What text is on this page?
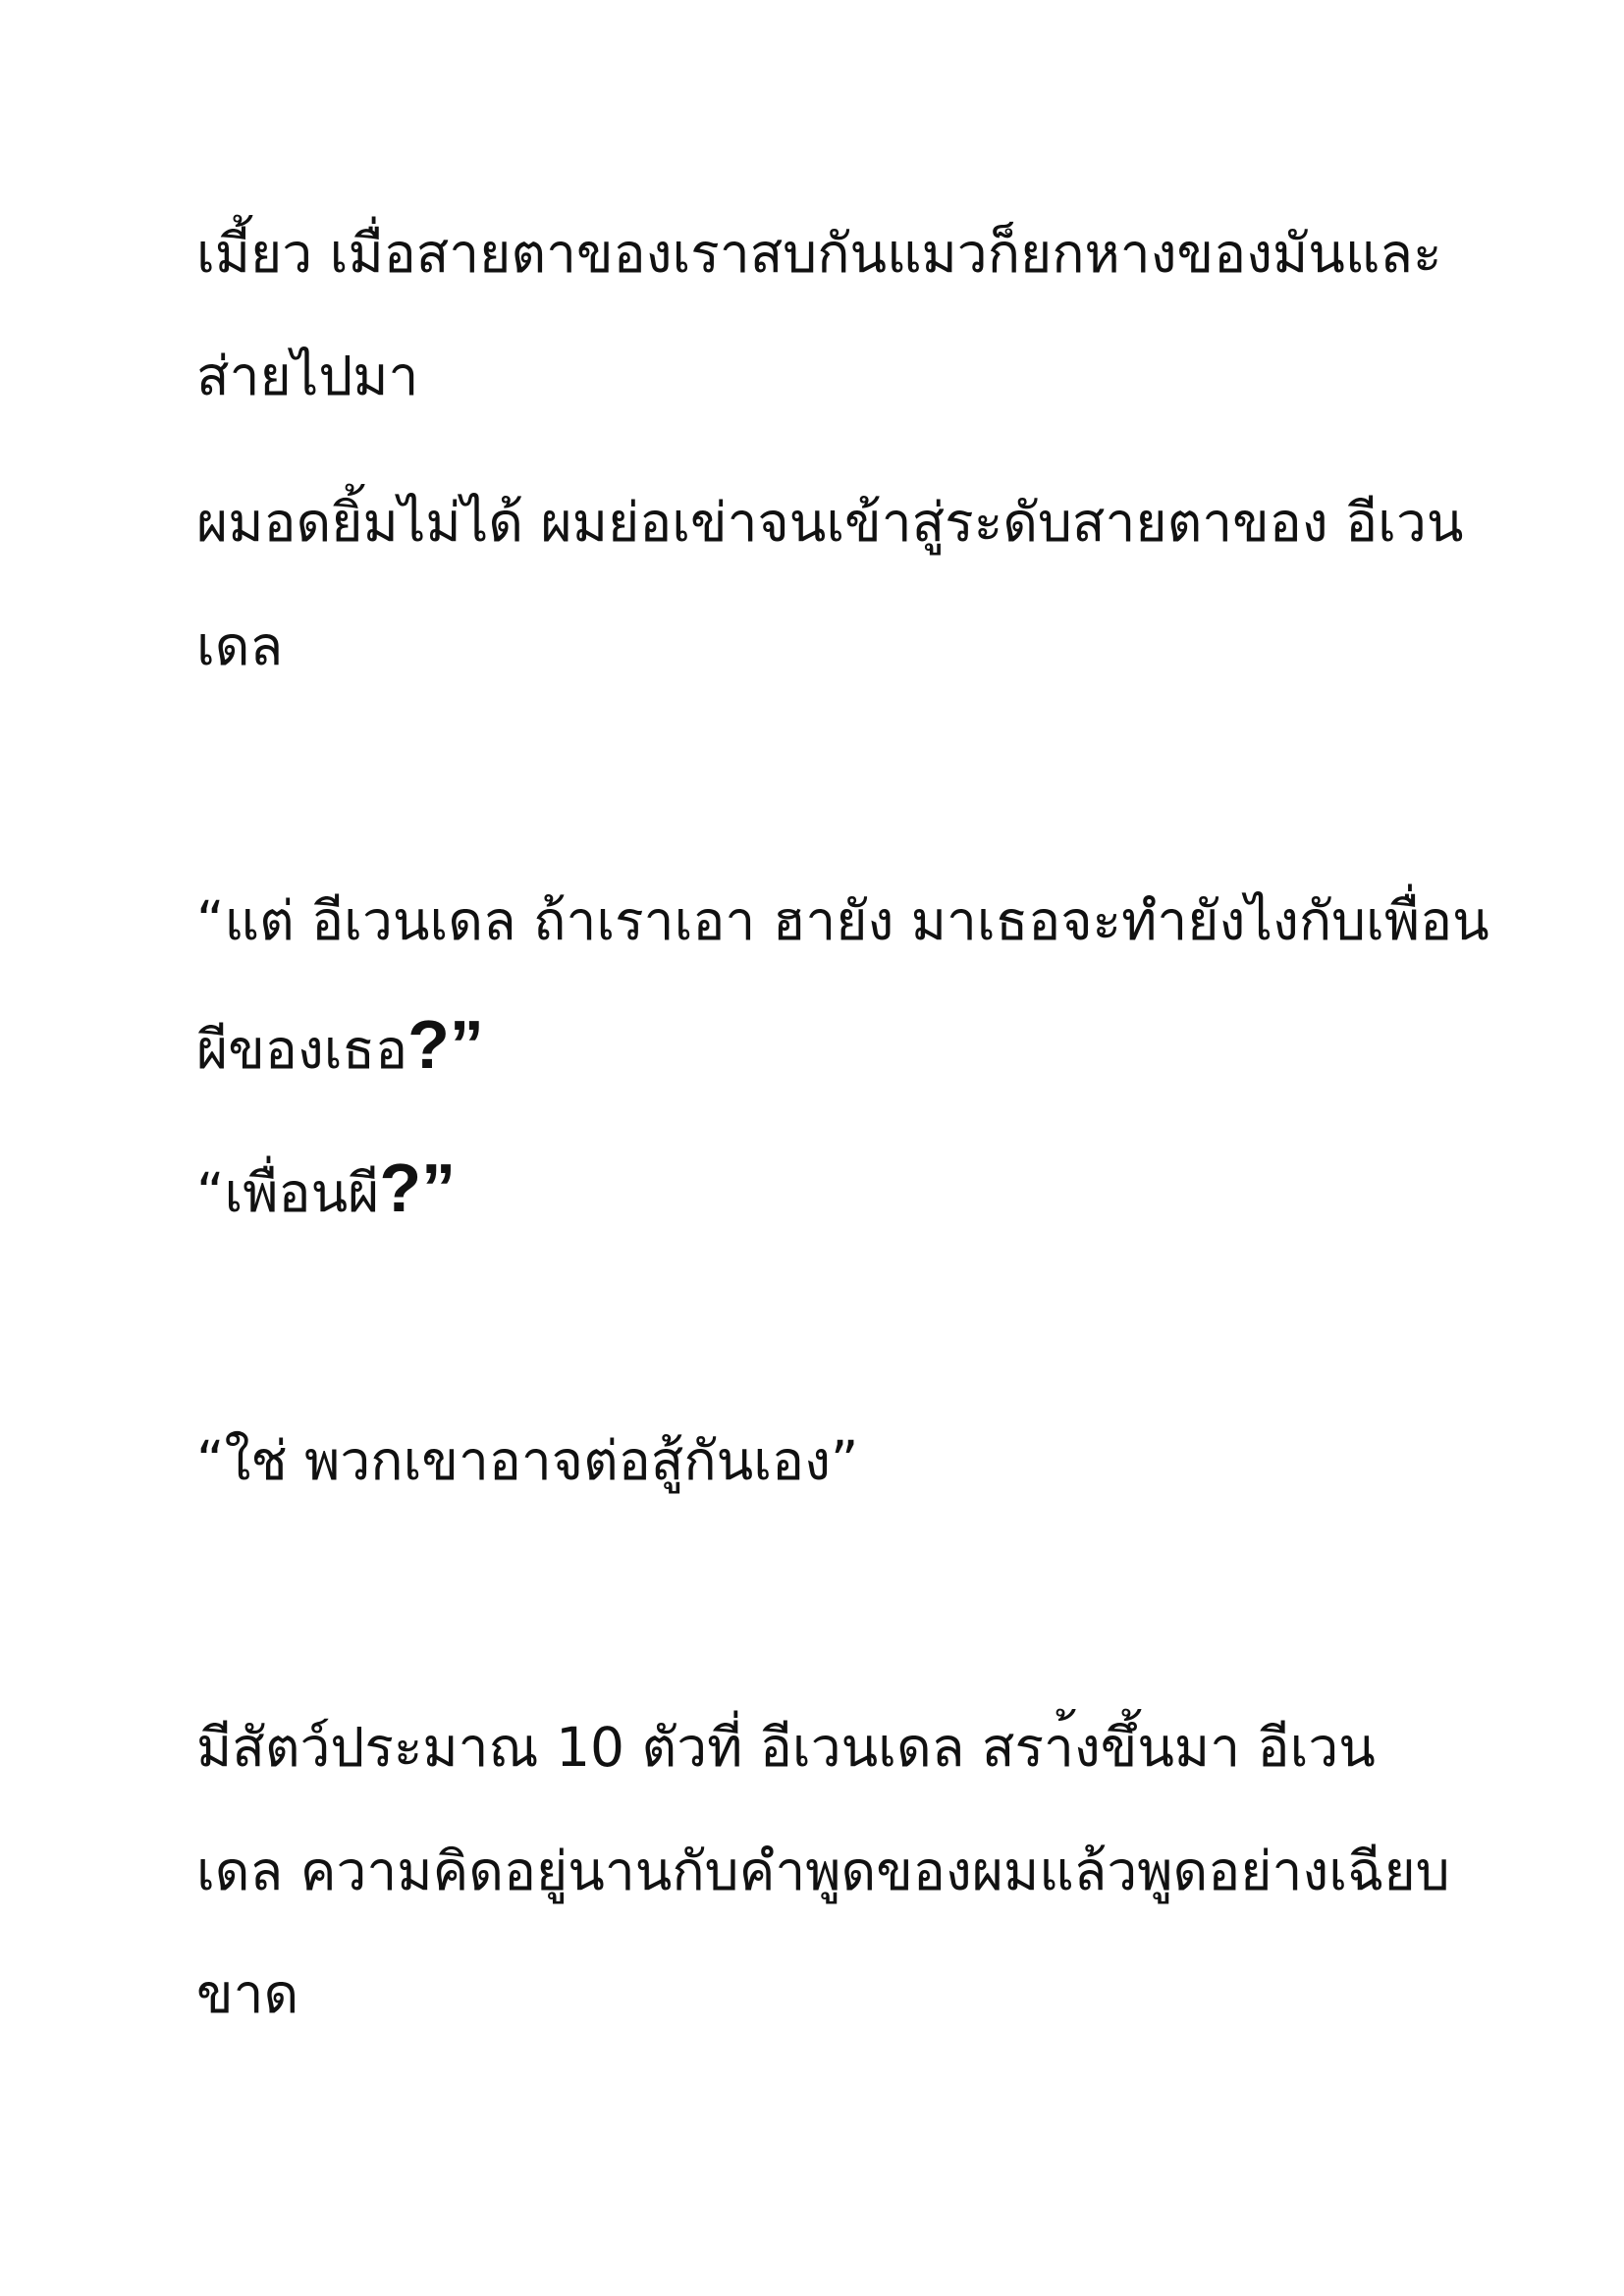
เมี้ยว เมื่อสายตาของเราสบกันแมวก็ยกหางของมันและ
ส่ายไปมา
ผมอดยิ้มไม่ได้ ผมย่อเข่าจนเข้าสู่ระดับสายตาของ อีเวน
เดล
“แต่ อีเวนเดล ถ้าเราเอา ฮายัง มาเธอจะทำยังไงกับเพื่อน
ผีของเธอ?”
“เพื่อนผี?”
“ใช่ พวกเขาอาจต่อสู้กันเอง”
มีสัตว์ประมาณ 10 ตัวที่ อีเวนเดล สรา้งขึ้นมา อีเวน
เดล ความคิดอยู่นานกับคำพูดของผมแล้วพูดอย่างเฉียบ
ขาด
